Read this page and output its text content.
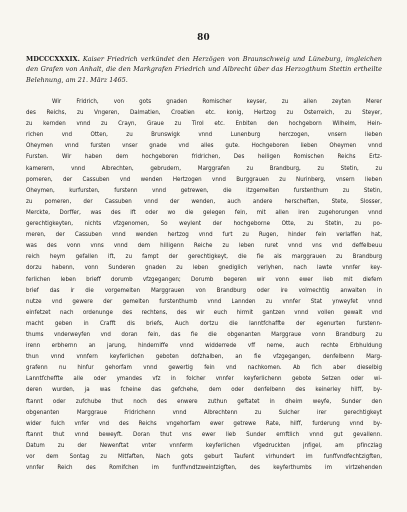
80
MDCCCXXXIX. Kaiser Friedrich verkündet den Herzögen von Braunschweig und Lüneburg, imgleichen den Grafen von Anhalt, die den Markgrafen Friedrich und Albrecht über das Herzogthum Stettin ertheilte Belehnung, am 21. März 1465.
Wir Fridrich, von gots gnaden Romischer keyser, zu allen zeyten Merer
des Reichs, zu Vngeren, Dalmatien, Croatien etc. konig, Hertzog zu Osterreich, zu Steyer,
zu kernden vnnd zu Crayn, Graue zu Tirol etc. Enbiten den hochgeborn Wilhelm, Hein-
richen vnd Otten, zu Brunswigk vnnd Lunenburg herczogen, vnsern lieben
Oheymen vnnd fursten vnser gnade vnd alles gute. Hochgeboren lieben Oheymen vnnd
Fursten. Wir haben dem hochgeboren fridrichen, Des heiligen Romischen Reichs Ertz-
kamerern, vnnd Albrechten, gebrudern, Marggrafen zu Brandburg, zu Stetin, zu
pomeren, der Cassuben vnd wenden Hertzogen vnnd Burggrauen zu Nurinberg, vnsern lieben
Oheymen, kurfursten, furstenn vnnd getrewen, die itzgemelten furstenthum zu Stetin,
zu pomeren, der Cassuben vnnd der wenden, auch andere herscheften, Stete, Slosser,
Merckte, Dorffer, was des ift oder wo die gelegen fein, mit allen iren zugehorungen vnnd
gerechtigkeyten, nichts vfzgenomen, So weylent der hochgeborne Otte, zu Stetin, zu po-
meren, der Cassuben vnnd wenden hertzog vnnd furt zu Rugen, hinder fein verlaffen hat,
was des vonn vnns vnnd dem hilligenn Reiche zu leben ruret vnnd vns vnd deffelbeuu
reich heym gefallen ift, zu fampt der gerechtigkeyt, die fie als marggrauen zu Brandburg
dorzu habenn, vonn Sunderen gnaden zu leben gnediglich verlyhen, nach lawte vnnfer key-
ferlichen leben brieff dorumb vfzgegangen; Dorumb begeren wir vonn ewer lieb mit diefem
brief das ir die vorgemelten Marggrauen von Brandburg oder ire volmechtig anwalten in
nutze vnd gewere der gemelten furstenthumb vnnd Lannden zu vnnfer Stat ynweyfet vnnd
einfetzet nach ordenunge des rechtens, des wir euch hirmit gantzen vnnd vollen gewalt vnd
macht geben in Crafft dis briefs, Auch dortzu die lanntfchaffte der egenurten furstenn-
thums vnderweyfen vnd doran fein, das fie die obgenanten Marggraue vonn Brandburg zu
irenn erbhernn an jarung, hinderniffe vnnd widderrede vff neme, auch rechte Erbhuldung
thun vnnd vnnfern keyferlichen geboten dofzhalben, an fie vfzgegangen, denfelbenn Marg-
grafenn nu hinfur gehorfam vnnd gewertig fein vnd nachkomen. Ab fich aber dieselbig
Lanntfcheffte alle oder ymandes vfz in folcher vnnfer keyferlichenn gebote Setzen oder wi-
deren wurden, ja was fcheine das gefchehe, dem oder denfelbenn des keinerley hilff, by-
ftannt oder zufchube thut noch des enwere zuthun geftatet in dheim weyfe, Sunder den
obgenanten Marggraue Fridrichenn vnnd Albrechtenn zu Sulcher irer gerechtigkeyt
wider fulch vnfer vnd des Reichs vngehorfam ewer getrewe Rate, hilff, furderung vnnd by-
ftannt thut vnnd beweyft. Doran thut vns ewer lieb Sunder ernftlich vnnd gut gevallenn.
Datum zu der Newenftat vnter vnnferm keyferlichen vfgedruckten jnfigel, am pfinczlag
vor dem Sontag zu Mitfaften, Nach gots geburt Taufent virhundert im funffvndfechtzigften,
vnnfer Reich des Romifchen im funffvndtzweintzigften, des keyferthumbs im virtzehenden
